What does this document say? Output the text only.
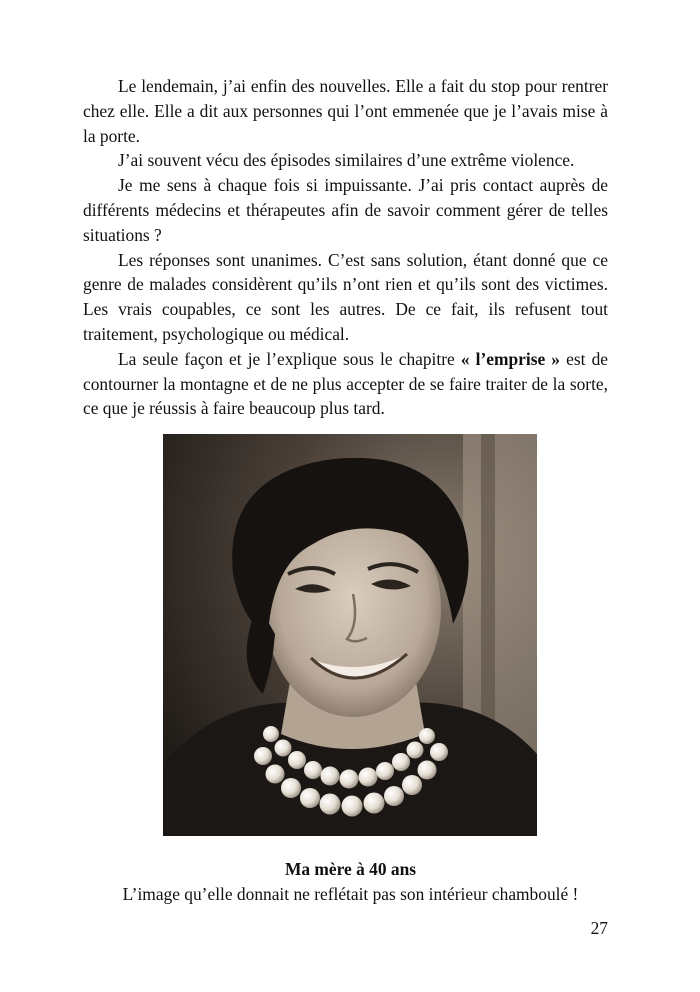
Le lendemain, j’ai enfin des nouvelles. Elle a fait du stop pour rentrer chez elle. Elle a dit aux personnes qui l’ont emmenée que je l’avais mise à la porte.

J’ai souvent vécu des épisodes similaires d’une extrême violence.

Je me sens à chaque fois si impuissante. J’ai pris contact auprès de différents médecins et thérapeutes afin de savoir comment gérer de telles situations ?

Les réponses sont unanimes. C’est sans solution, étant donné que ce genre de malades considèrent qu’ils n’ont rien et qu’ils sont des victimes. Les vrais coupables, ce sont les autres. De ce fait, ils refusent tout traitement, psychologique ou médical.

La seule façon et je l’explique sous le chapitre « l’emprise » est de contourner la montagne et de ne plus accepter de se faire traiter de la sorte, ce que je réussis à faire beaucoup plus tard.

Ma mère à 40 ans
L’image qu’elle donnait ne reflétait pas son intérieur chamboulé !
27
